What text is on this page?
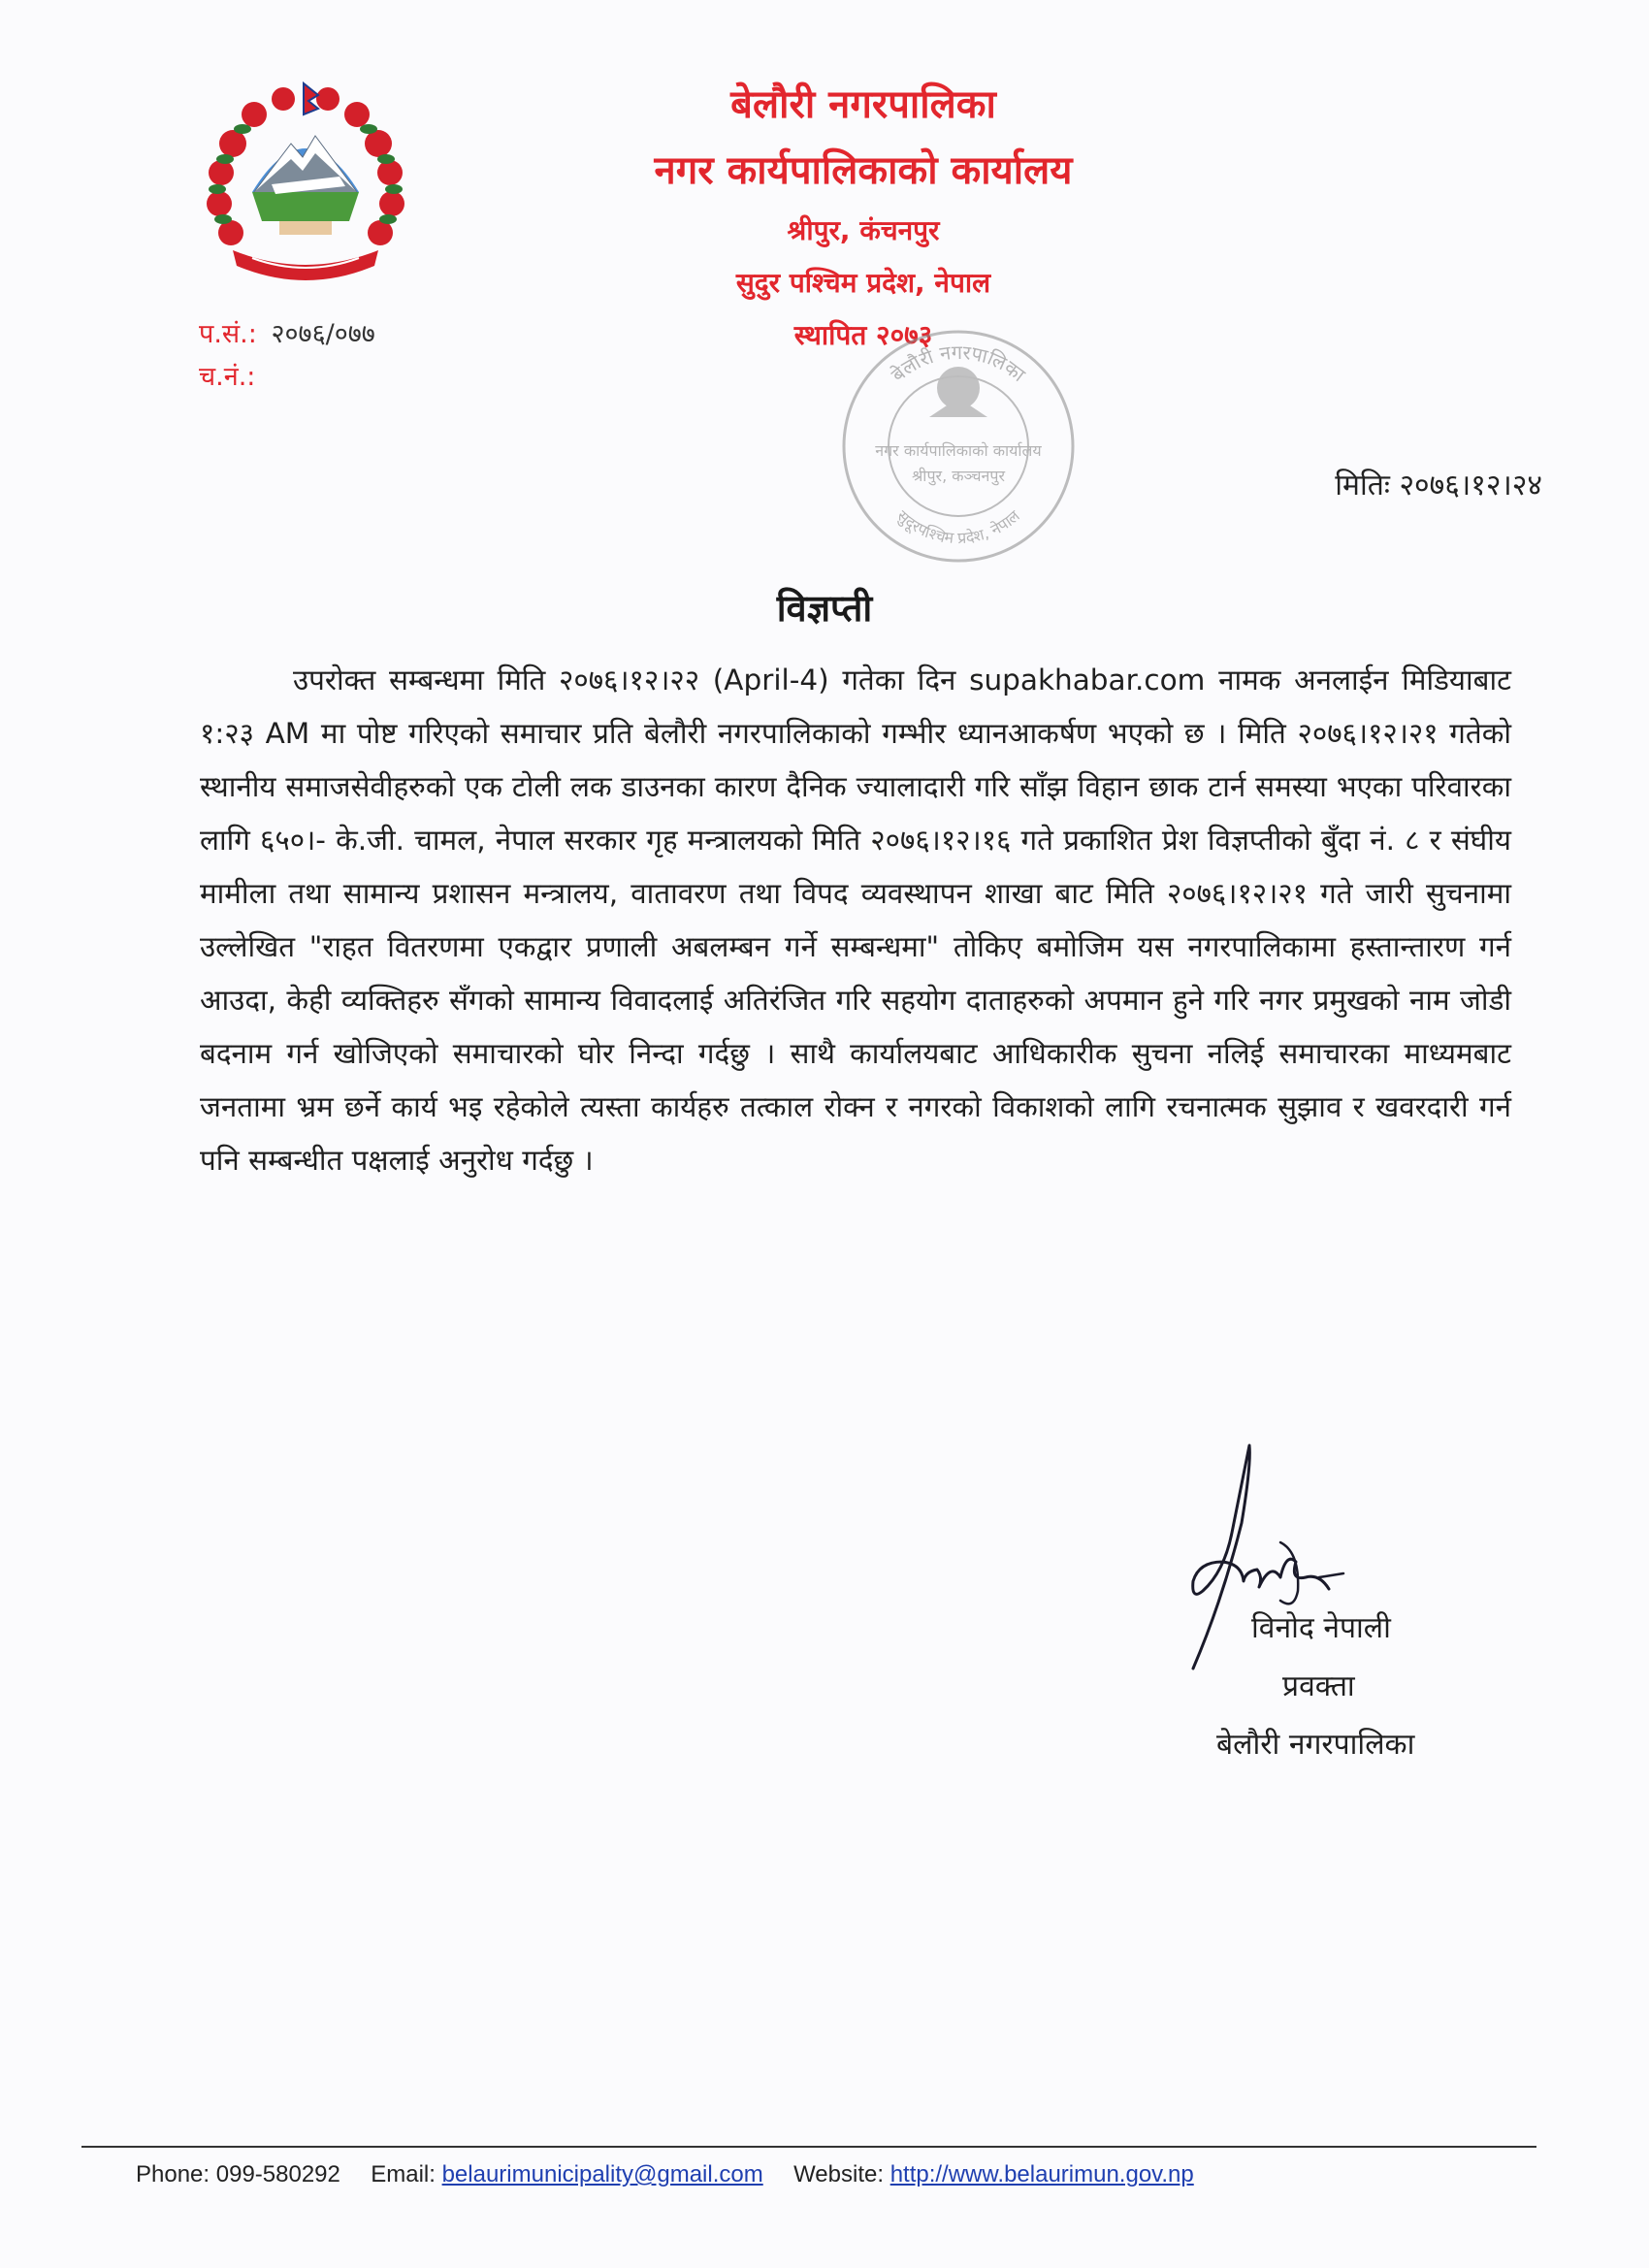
बेलौरी नगरपालिका
नगर कार्यपालिकाको कार्यालय
श्रीपुर, कंचनपुर
सुदुर पश्चिम प्रदेश, नेपाल
स्थापित २०७३
प.सं.: २०७६/०७७
च.नं.:	बेलौरी नगरपालिका
नगर कार्यपालिकाको कार्यालय
श्रीपुर, कञ्चनपुर
सुदूरपश्चिम प्रदेश, नेपाल
मितिः २०७६।१२।२४
विज्ञप्ती

उपरोक्त सम्बन्धमा मिति २०७६।१२।२२ (April-4) गतेका दिन supakhabar.com नामक अनलाईन मिडियाबाट १:२३ AM मा पोष्ट गरिएको समाचार प्रति बेलौरी नगरपालिकाको गम्भीर ध्यानआकर्षण भएको छ । मिति २०७६।१२।२१ गतेको स्थानीय समाजसेवीहरुको एक टोली लक डाउनका कारण दैनिक ज्यालादारी गरि साँझ विहान छाक टार्न समस्या भएका परिवारका लागि ६५०।- के.जी. चामल, नेपाल सरकार गृह मन्त्रालयको मिति २०७६।१२।१६ गते प्रकाशित प्रेश विज्ञप्तीको बुँदा नं. ८ र संघीय मामीला तथा सामान्य प्रशासन मन्त्रालय, वातावरण तथा विपद व्यवस्थापन शाखा बाट मिति २०७६।१२।२१ गते जारी सुचनामा उल्लेखित "राहत वितरणमा एकद्वार प्रणाली अबलम्बन गर्ने सम्बन्धमा" तोकिए बमोजिम यस नगरपालिकामा हस्तान्तारण गर्न आउदा, केही व्यक्तिहरु सँगको सामान्य विवादलाई अतिरंजित गरि सहयोग दाताहरुको अपमान हुने गरि नगर प्रमुखको नाम जोडी बदनाम गर्न खोजिएको समाचारको घोर निन्दा गर्दछु । साथै कार्यालयबाट आधिकारीक सुचना नलिई समाचारका माध्यमबाट जनतामा भ्रम छर्ने कार्य भइ रहेकोले त्यस्ता कार्यहरु तत्काल रोक्न र नगरको विकाशको लागि रचनात्मक सुझाव र खवरदारी गर्न पनि सम्बन्धीत पक्षलाई अनुरोध गर्दछु ।

विनोद नेपाली
प्रवक्ता
बेलौरी नगरपालिका
Phone: 099-580292 Email: belaurimunicipality@gmail.com Website: http://www.belaurimun.gov.np
